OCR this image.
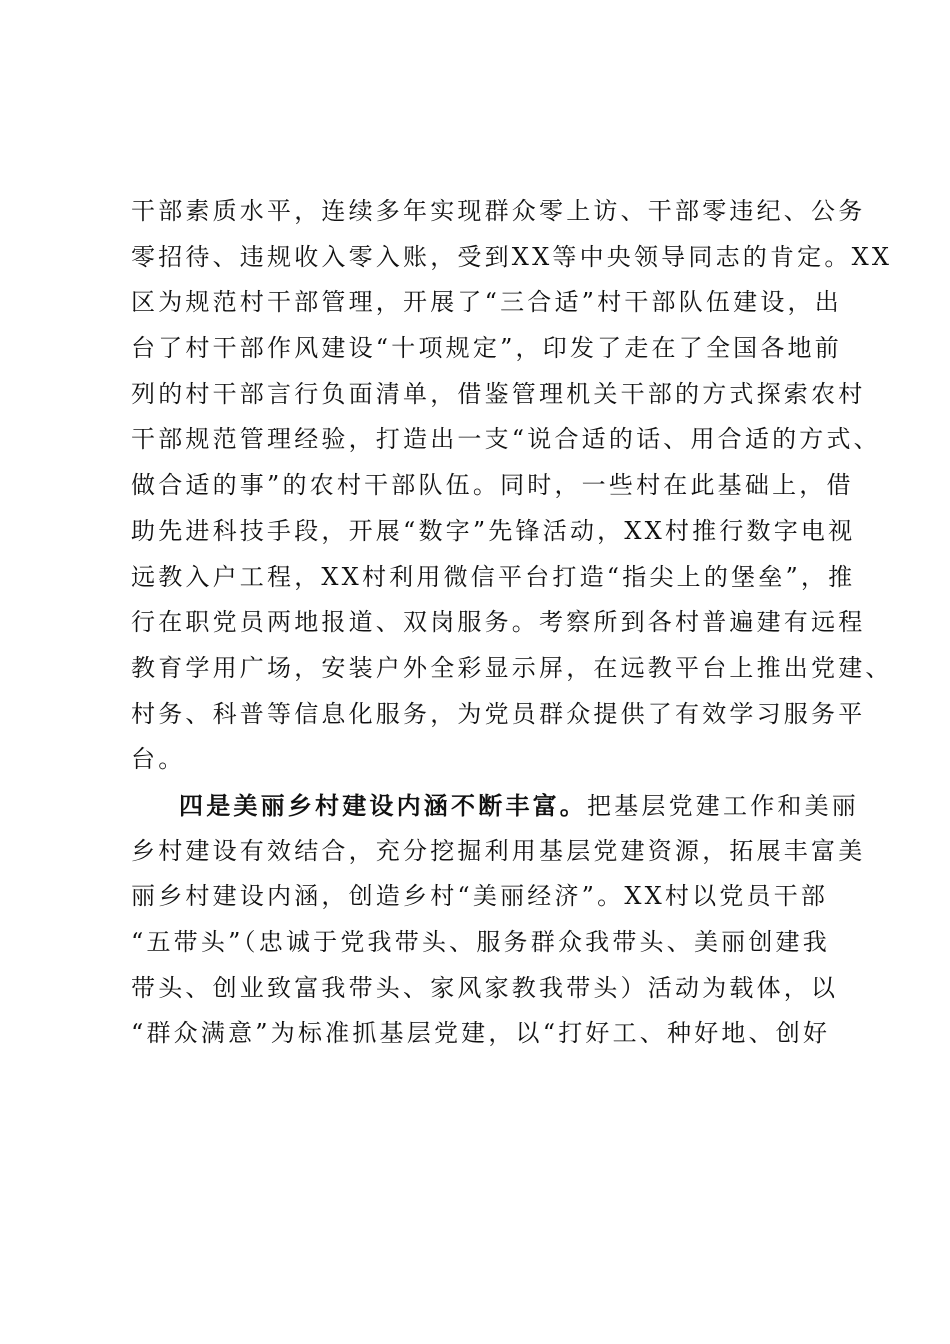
干部素质水平，连续多年实现群众零上访、干部零违纪、公务
零招待、违规收入零入账，受到XX等中央领导同志的肯定。XX
区为规范村干部管理，开展了“三合适”村干部队伍建设，出
台了村干部作风建设“十项规定”，印发了走在了全国各地前
列的村干部言行负面清单，借鉴管理机关干部的方式探索农村
干部规范管理经验，打造出一支“说合适的话、用合适的方式、
做合适的事”的农村干部队伍。同时，一些村在此基础上，借
助先进科技手段，开展“数字”先锋活动，XX村推行数字电视
远教入户工程，XX村利用微信平台打造“指尖上的堡垒”，推
行在职党员两地报道、双岗服务。考察所到各村普遍建有远程
教育学用广场，安装户外全彩显示屏，在远教平台上推出党建、
村务、科普等信息化服务，为党员群众提供了有效学习服务平
台。
四是美丽乡村建设内涵不断丰富。把基层党建工作和美丽
乡村建设有效结合，充分挖掘利用基层党建资源，拓展丰富美
丽乡村建设内涵，创造乡村“美丽经济”。XX村以党员干部
“五带头”（忠诚于党我带头、服务群众我带头、美丽创建我
带头、创业致富我带头、家风家教我带头）活动为载体，以
“群众满意”为标准抓基层党建，以“打好工、种好地、创好
